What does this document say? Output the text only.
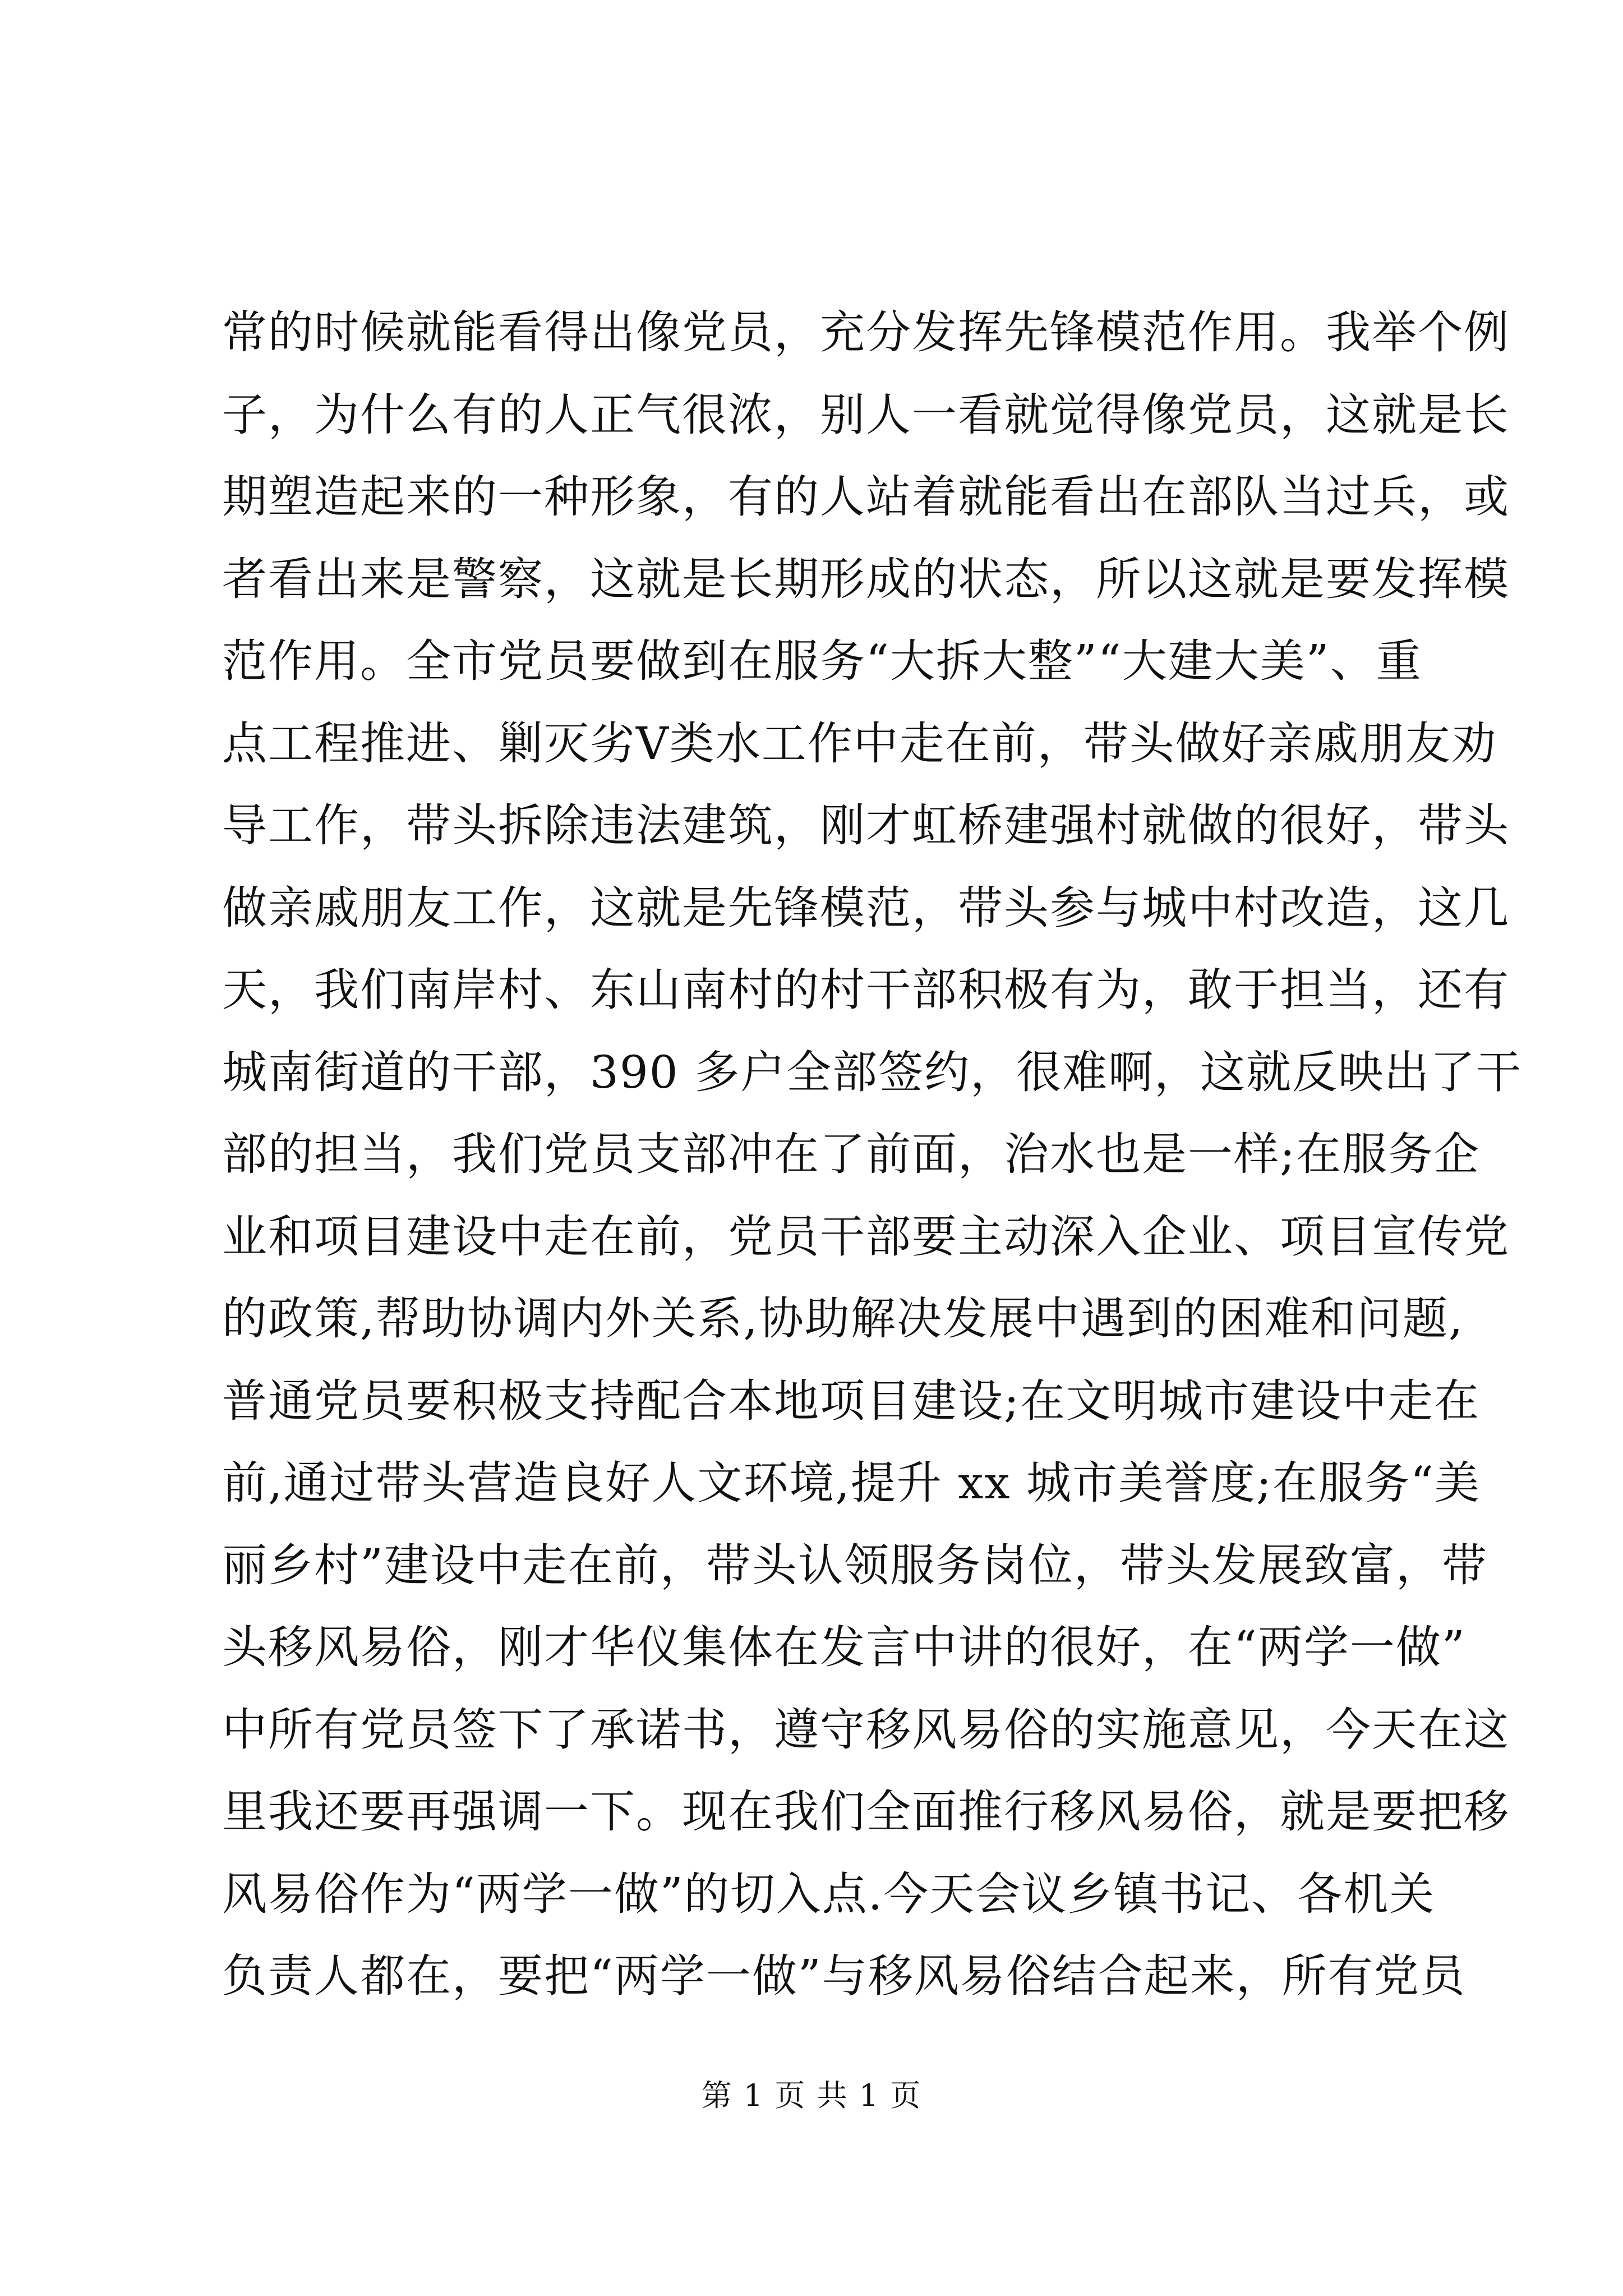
常的时候就能看得出像党员，充分发挥先锋模范作用。我举个例
子，为什么有的人正气很浓，别人一看就觉得像党员，这就是长
期塑造起来的一种形象，有的人站着就能看出在部队当过兵，或
者看出来是警察，这就是长期形成的状态，所以这就是要发挥模
范作用。全市党员要做到在服务“大拆大整”“大建大美”、重
点工程推进、剿灭劣Ⅴ类水工作中走在前，带头做好亲戚朋友劝
导工作，带头拆除违法建筑，刚才虹桥建强村就做的很好，带头
做亲戚朋友工作，这就是先锋模范，带头参与城中村改造，这几
天，我们南岸村、东山南村的村干部积极有为，敢于担当，还有
城南街道的干部，390 多户全部签约，很难啊，这就反映出了干
部的担当，我们党员支部冲在了前面，治水也是一样;在服务企
业和项目建设中走在前，党员干部要主动深入企业、项目宣传党
的政策,帮助协调内外关系,协助解决发展中遇到的困难和问题,
普通党员要积极支持配合本地项目建设;在文明城市建设中走在
前,通过带头营造良好人文环境,提升 xx 城市美誉度;在服务“美
丽乡村”建设中走在前，带头认领服务岗位，带头发展致富，带
头移风易俗，刚才华仪集体在发言中讲的很好，在“两学一做”
中所有党员签下了承诺书，遵守移风易俗的实施意见，今天在这
里我还要再强调一下。现在我们全面推行移风易俗，就是要把移
风易俗作为“两学一做”的切入点.今天会议乡镇书记、各机关
负责人都在，要把“两学一做”与移风易俗结合起来，所有党员
第 1 页 共 1 页
